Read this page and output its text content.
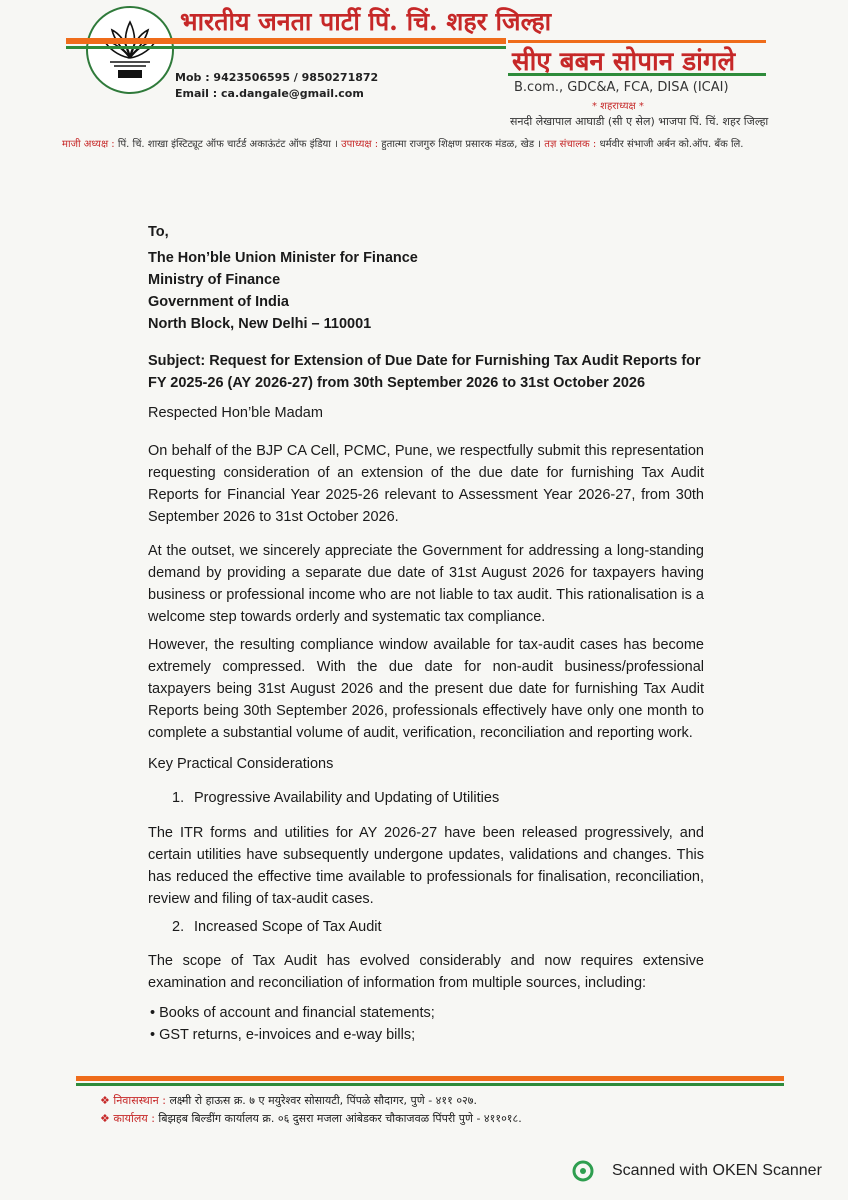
भारतीय जनता पार्टी पिं. चिं. शहर जिल्हा
सीए बबन सोपान डांगले
B.com., GDC&A, FCA, DISA (ICAI)
Mob : 9423506595 / 9850271872
Email : ca.dangale@gmail.com
* शहराध्यक्ष *
सनदी लेखापाल आघाडी (सी ए सेल) भाजपा पिं. चिं. शहर जिल्हा
माजी अध्यक्ष : पिं. चिं. शाखा इंस्टिट्यूट ऑफ चार्टर्ड अकाऊंटंट ऑफ इंडिया । उपाध्यक्ष : हुतात्मा राजगुरु शिक्षण प्रसारक मंडळ, खेड । तज्ञ संचालक : धर्मवीर संभाजी अर्बन को.ऑप. बँक लि.
To,
The Hon’ble Union Minister for Finance
Ministry of Finance
Government of India
North Block, New Delhi – 110001
Subject: Request for Extension of Due Date for Furnishing Tax Audit Reports for FY 2025-26 (AY 2026-27) from 30th September 2026 to 31st October 2026
Respected Hon’ble Madam
On behalf of the BJP CA Cell, PCMC, Pune, we respectfully submit this representation requesting consideration of an extension of the due date for furnishing Tax Audit Reports for Financial Year 2025-26 relevant to Assessment Year 2026-27, from 30th September 2026 to 31st October 2026.
At the outset, we sincerely appreciate the Government for addressing a long-standing demand by providing a separate due date of 31st August 2026 for taxpayers having business or professional income who are not liable to tax audit. This rationalisation is a welcome step towards orderly and systematic tax compliance.
However, the resulting compliance window available for tax-audit cases has become extremely compressed. With the due date for non-audit business/professional taxpayers being 31st August 2026 and the present due date for furnishing Tax Audit Reports being 30th September 2026, professionals effectively have only one month to complete a substantial volume of audit, verification, reconciliation and reporting work.
Key Practical Considerations
1. Progressive Availability and Updating of Utilities
The ITR forms and utilities for AY 2026-27 have been released progressively, and certain utilities have subsequently undergone updates, validations and changes. This has reduced the effective time available to professionals for finalisation, reconciliation, review and filing of tax-audit cases.
2. Increased Scope of Tax Audit
The scope of Tax Audit has evolved considerably and now requires extensive examination and reconciliation of information from multiple sources, including:
• Books of account and financial statements;
• GST returns, e-invoices and e-way bills;
❖ निवासस्थान : लक्ष्मी रो हाऊस क्र. ७ ए मयुरेश्वर सोसायटी, पिंपळे सौदागर, पुणे - ४११ ०२७.
❖ कार्यालय : बिझहब बिल्डींग कार्यालय क्र. ०६ दुसरा मजला आंबेडकर चौकाजवळ पिंपरी पुणे - ४११०१८.
Scanned with OKEN Scanner
